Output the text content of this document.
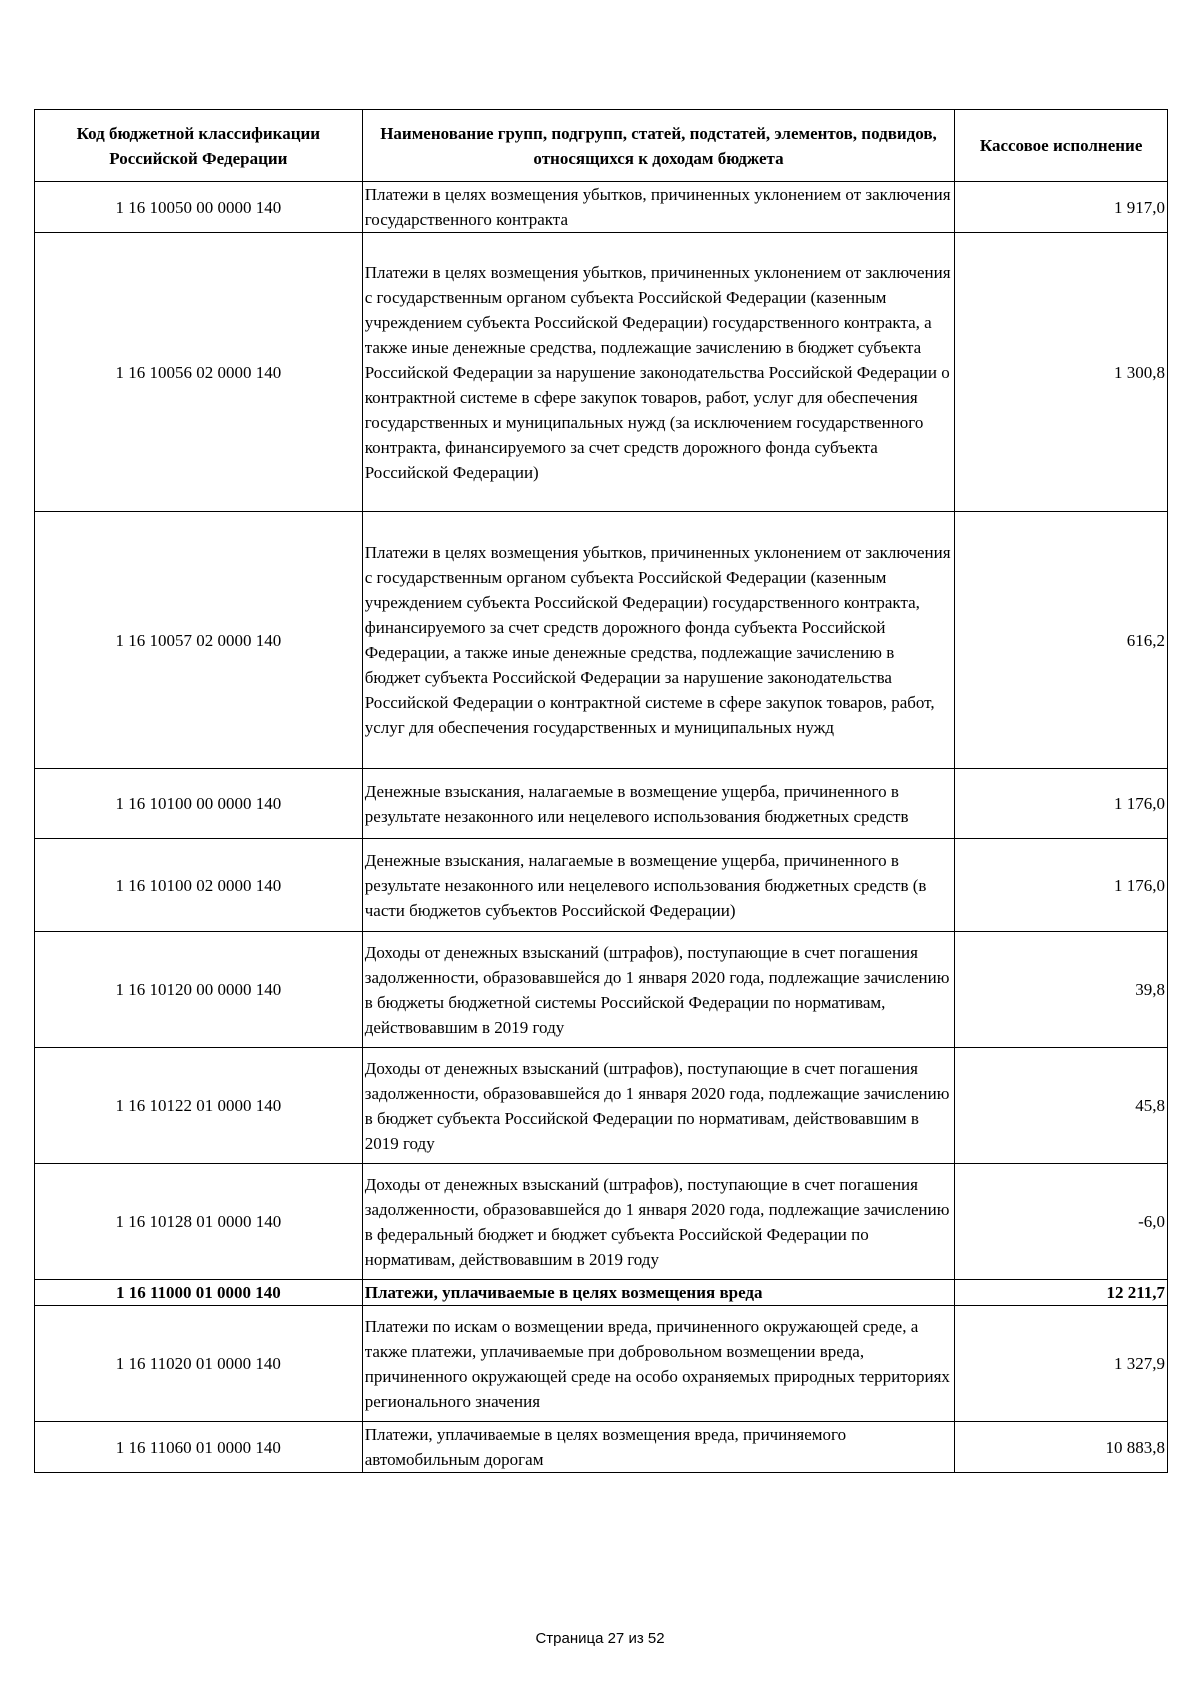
Код бюджетной классификации Российской Федерации	Наименование групп, подгрупп, статей, подстатей, элементов, подвидов, относящихся к доходам бюджета	Кассовое исполнение
1 16 10050 00 0000 140	Платежи в целях возмещения убытков, причиненных уклонением от заключения государственного контракта	1 917,0
1 16 10056 02 0000 140	Платежи в целях возмещения убытков, причиненных уклонением от заключения с государственным органом субъекта Российской Федерации (казенным учреждением субъекта Российской Федерации) государственного контракта, а также иные денежные средства, подлежащие зачислению в бюджет субъекта Российской Федерации за нарушение законодательства Российской Федерации о контрактной системе в сфере закупок товаров, работ, услуг для обеспечения государственных и муниципальных нужд (за исключением государственного контракта, финансируемого за счет средств дорожного фонда субъекта Российской Федерации)	1 300,8
1 16 10057 02 0000 140	Платежи в целях возмещения убытков, причиненных уклонением от заключения с государственным органом субъекта Российской Федерации (казенным учреждением субъекта Российской Федерации) государственного контракта, финансируемого за счет средств дорожного фонда субъекта Российской Федерации, а также иные денежные средства, подлежащие зачислению в бюджет субъекта Российской Федерации за нарушение законодательства Российской Федерации о контрактной системе в сфере закупок товаров, работ, услуг для обеспечения государственных и муниципальных нужд	616,2
1 16 10100 00 0000 140	Денежные взыскания, налагаемые в возмещение ущерба, причиненного в результате незаконного или нецелевого использования бюджетных средств	1 176,0
1 16 10100 02 0000 140	Денежные взыскания, налагаемые в возмещение ущерба, причиненного в результате незаконного или нецелевого использования бюджетных средств (в части бюджетов субъектов Российской Федерации)	1 176,0
1 16 10120 00 0000 140	Доходы от денежных взысканий (штрафов), поступающие в счет погашения задолженности, образовавшейся до 1 января 2020 года, подлежащие зачислению в бюджеты бюджетной системы Российской Федерации по нормативам, действовавшим в 2019 году	39,8
1 16 10122 01 0000 140	Доходы от денежных взысканий (штрафов), поступающие в счет погашения задолженности, образовавшейся до 1 января 2020 года, подлежащие зачислению в бюджет субъекта Российской Федерации по нормативам, действовавшим в 2019 году	45,8
1 16 10128 01 0000 140	Доходы от денежных взысканий (штрафов), поступающие в счет погашения задолженности, образовавшейся до 1 января 2020 года, подлежащие зачислению в федеральный бюджет и бюджет субъекта Российской Федерации по нормативам, действовавшим в 2019 году	-6,0
1 16 11000 01 0000 140	Платежи, уплачиваемые в целях возмещения вреда	12 211,7
1 16 11020 01 0000 140	Платежи по искам о возмещении вреда, причиненного окружающей среде, а также платежи, уплачиваемые при добровольном возмещении вреда, причиненного окружающей среде на особо охраняемых природных территориях регионального значения	1 327,9
1 16 11060 01 0000 140	Платежи, уплачиваемые в целях возмещения вреда, причиняемого автомобильным дорогам	10 883,8
Страница 27 из 52
